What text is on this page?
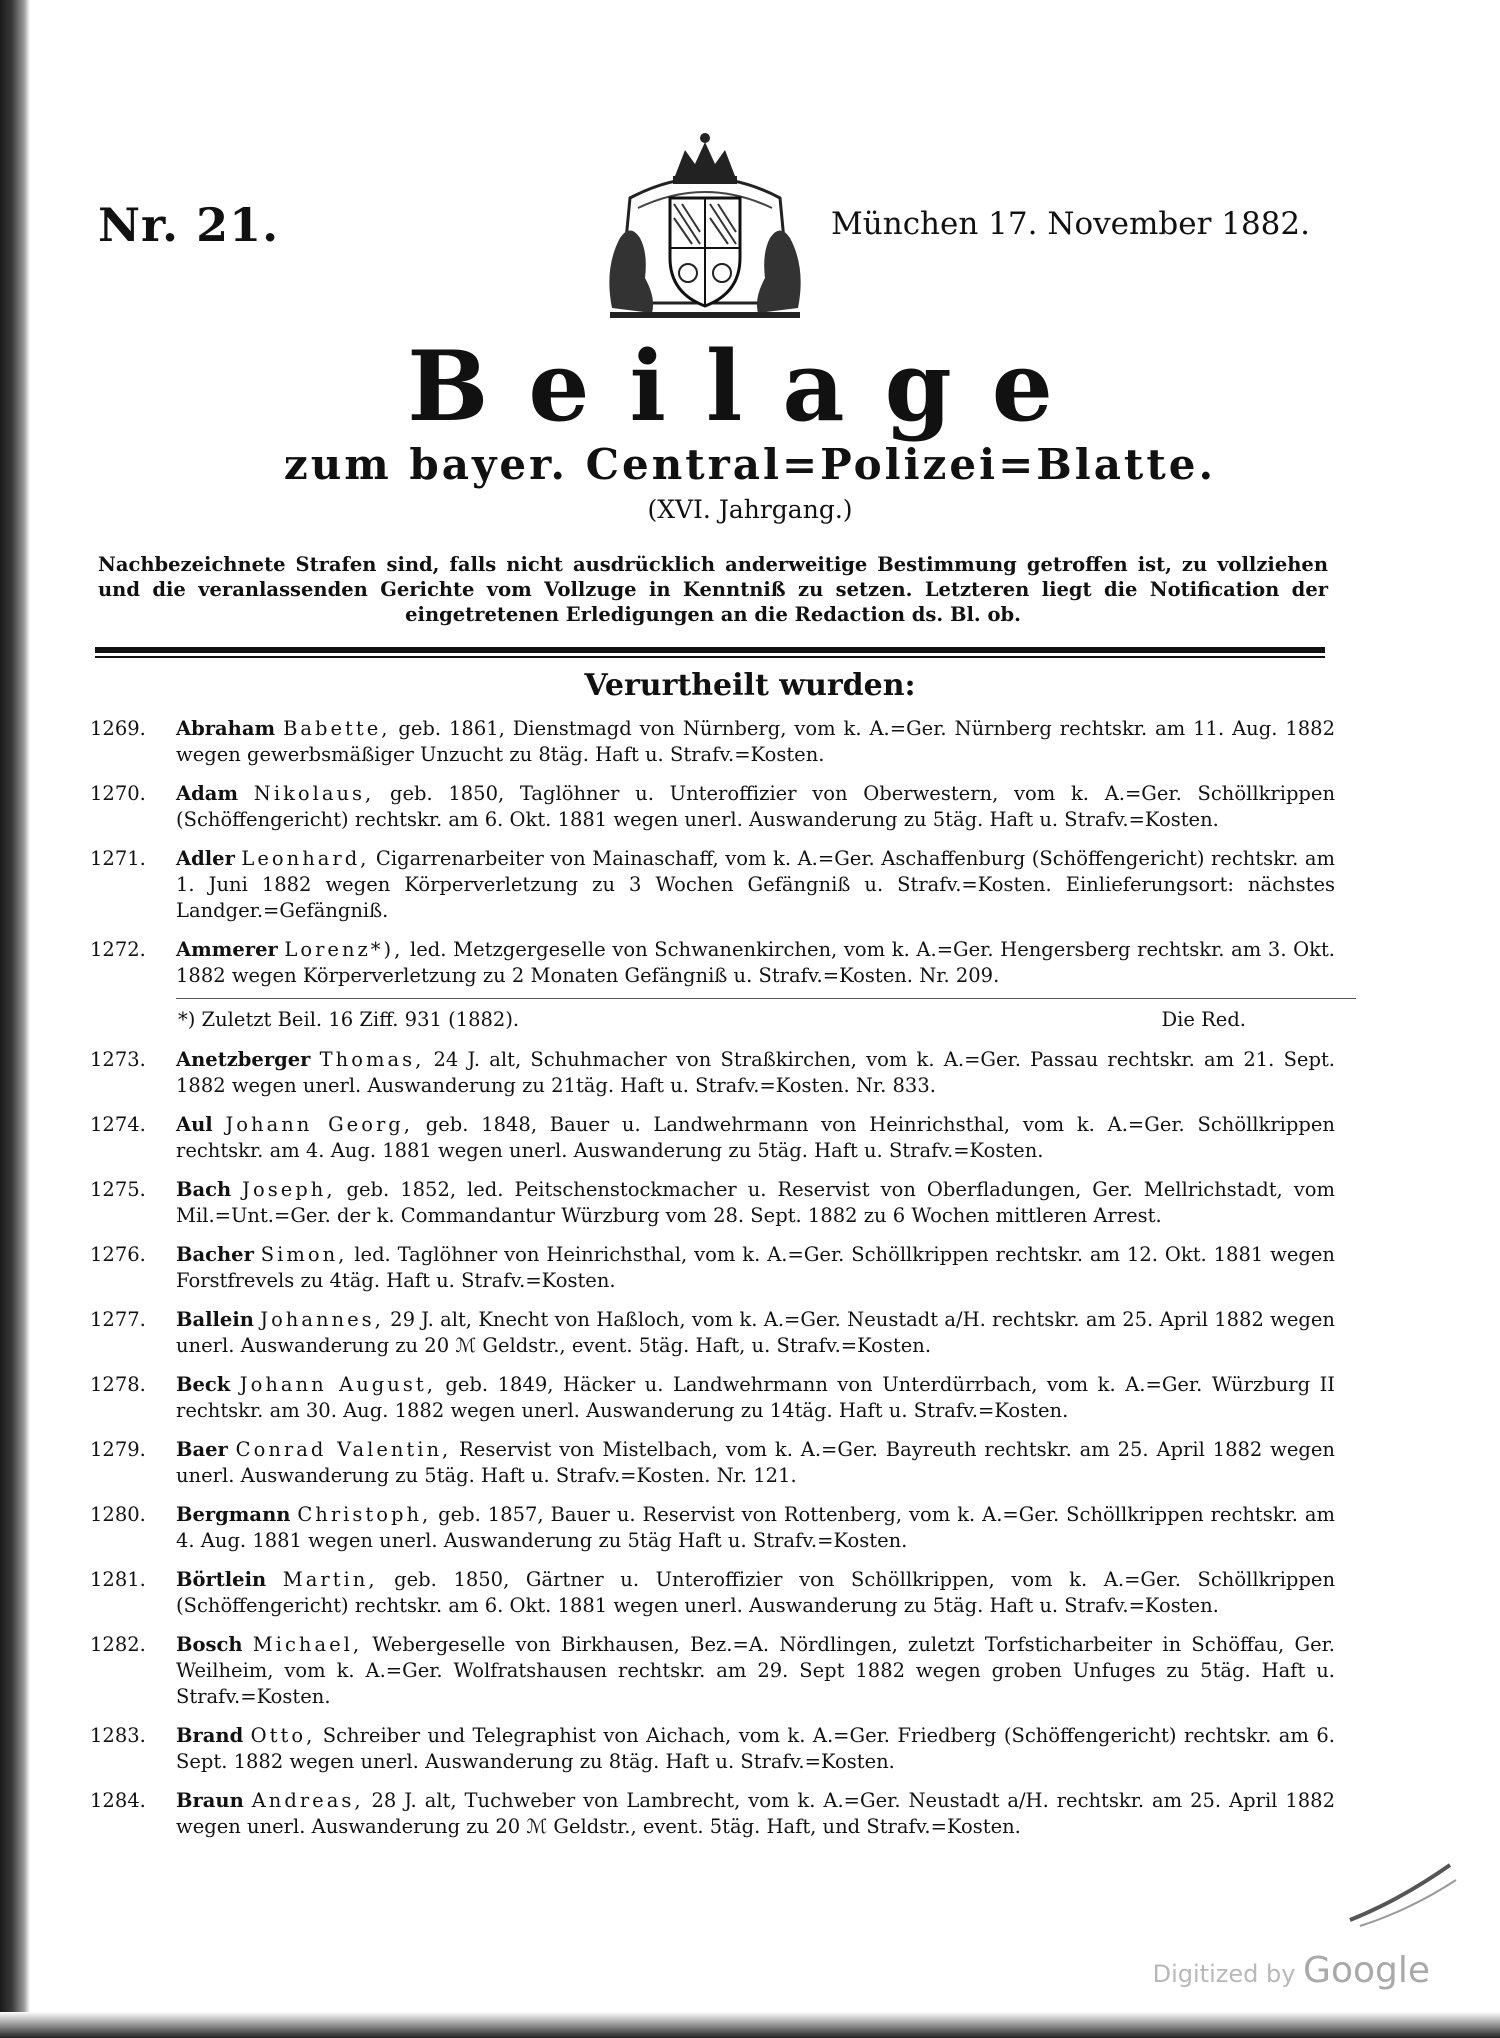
Nr. 21.	München 17. November 1882.
Beilage
zum bayer. Central=Polizei=Blatte.
(XVI. Jahrgang.)
Nachbezeichnete Strafen sind, falls nicht ausdrücklich anderweitige Bestimmung getroffen ist, zu vollziehen und die veranlassenden Gerichte vom Vollzuge in Kenntniß zu setzen. Letzteren liegt die Notification der eingetretenen Erledigungen an die Redaction ds. Bl. ob.
Verurtheilt wurden:
1269.	Abraham Babette, geb. 1861, Dienstmagd von Nürnberg, vom k. A.=Ger. Nürnberg rechtskr. am 11. Aug. 1882 wegen gewerbsmäßiger Unzucht zu 8täg. Haft u. Strafv.=Kosten.
1270.	Adam Nikolaus, geb. 1850, Taglöhner u. Unteroffizier von Oberwestern, vom k. A.=Ger. Schöllkrippen (Schöffengericht) rechtskr. am 6. Okt. 1881 wegen unerl. Auswanderung zu 5täg. Haft u. Strafv.=Kosten.
1271.	Adler Leonhard, Cigarrenarbeiter von Mainaschaff, vom k. A.=Ger. Aschaffenburg (Schöffengericht) rechtskr. am 1. Juni 1882 wegen Körperverletzung zu 3 Wochen Gefängniß u. Strafv.=Kosten. Einlieferungsort: nächstes Landger.=Gefängniß.
1272.	Ammerer Lorenz*), led. Metzgergeselle von Schwanenkirchen, vom k. A.=Ger. Hengersberg rechtskr. am 3. Okt. 1882 wegen Körperverletzung zu 2 Monaten Gefängniß u. Strafv.=Kosten. Nr. 209.
*) Zuletzt Beil. 16 Ziff. 931 (1882).	Die Red.
1273.	Anetzberger Thomas, 24 J. alt, Schuhmacher von Straßkirchen, vom k. A.=Ger. Passau rechtskr. am 21. Sept. 1882 wegen unerl. Auswanderung zu 21täg. Haft u. Strafv.=Kosten. Nr. 833.
1274.	Aul Johann Georg, geb. 1848, Bauer u. Landwehrmann von Heinrichsthal, vom k. A.=Ger. Schöllkrippen rechtskr. am 4. Aug. 1881 wegen unerl. Auswanderung zu 5täg. Haft u. Strafv.=Kosten.
1275.	Bach Joseph, geb. 1852, led. Peitschenstockmacher u. Reservist von Oberfladungen, Ger. Mellrichstadt, vom Mil.=Unt.=Ger. der k. Commandantur Würzburg vom 28. Sept. 1882 zu 6 Wochen mittleren Arrest.
1276.	Bacher Simon, led. Taglöhner von Heinrichsthal, vom k. A.=Ger. Schöllkrippen rechtskr. am 12. Okt. 1881 wegen Forstfrevels zu 4täg. Haft u. Strafv.=Kosten.
1277.	Ballein Johannes, 29 J. alt, Knecht von Haßloch, vom k. A.=Ger. Neustadt a/H. rechtskr. am 25. April 1882 wegen unerl. Auswanderung zu 20 ℳ Geldstr., event. 5täg. Haft, u. Strafv.=Kosten.
1278.	Beck Johann August, geb. 1849, Häcker u. Landwehrmann von Unterdürrbach, vom k. A.=Ger. Würzburg II rechtskr. am 30. Aug. 1882 wegen unerl. Auswanderung zu 14täg. Haft u. Strafv.=Kosten.
1279.	Baer Conrad Valentin, Reservist von Mistelbach, vom k. A.=Ger. Bayreuth rechtskr. am 25. April 1882 wegen unerl. Auswanderung zu 5täg. Haft u. Strafv.=Kosten. Nr. 121.
1280.	Bergmann Christoph, geb. 1857, Bauer u. Reservist von Rottenberg, vom k. A.=Ger. Schöllkrippen rechtskr. am 4. Aug. 1881 wegen unerl. Auswanderung zu 5täg Haft u. Strafv.=Kosten.
1281.	Börtlein Martin, geb. 1850, Gärtner u. Unteroffizier von Schöllkrippen, vom k. A.=Ger. Schöllkrippen (Schöffengericht) rechtskr. am 6. Okt. 1881 wegen unerl. Auswanderung zu 5täg. Haft u. Strafv.=Kosten.
1282.	Bosch Michael, Webergeselle von Birkhausen, Bez.=A. Nördlingen, zuletzt Torfsticharbeiter in Schöffau, Ger. Weilheim, vom k. A.=Ger. Wolfratshausen rechtskr. am 29. Sept 1882 wegen groben Unfuges zu 5täg. Haft u. Strafv.=Kosten.
1283.	Brand Otto, Schreiber und Telegraphist von Aichach, vom k. A.=Ger. Friedberg (Schöffengericht) rechtskr. am 6. Sept. 1882 wegen unerl. Auswanderung zu 8täg. Haft u. Strafv.=Kosten.
1284.	Braun Andreas, 28 J. alt, Tuchweber von Lambrecht, vom k. A.=Ger. Neustadt a/H. rechtskr. am 25. April 1882 wegen unerl. Auswanderung zu 20 ℳ Geldstr., event. 5täg. Haft, und Strafv.=Kosten.
Digitized by Google
